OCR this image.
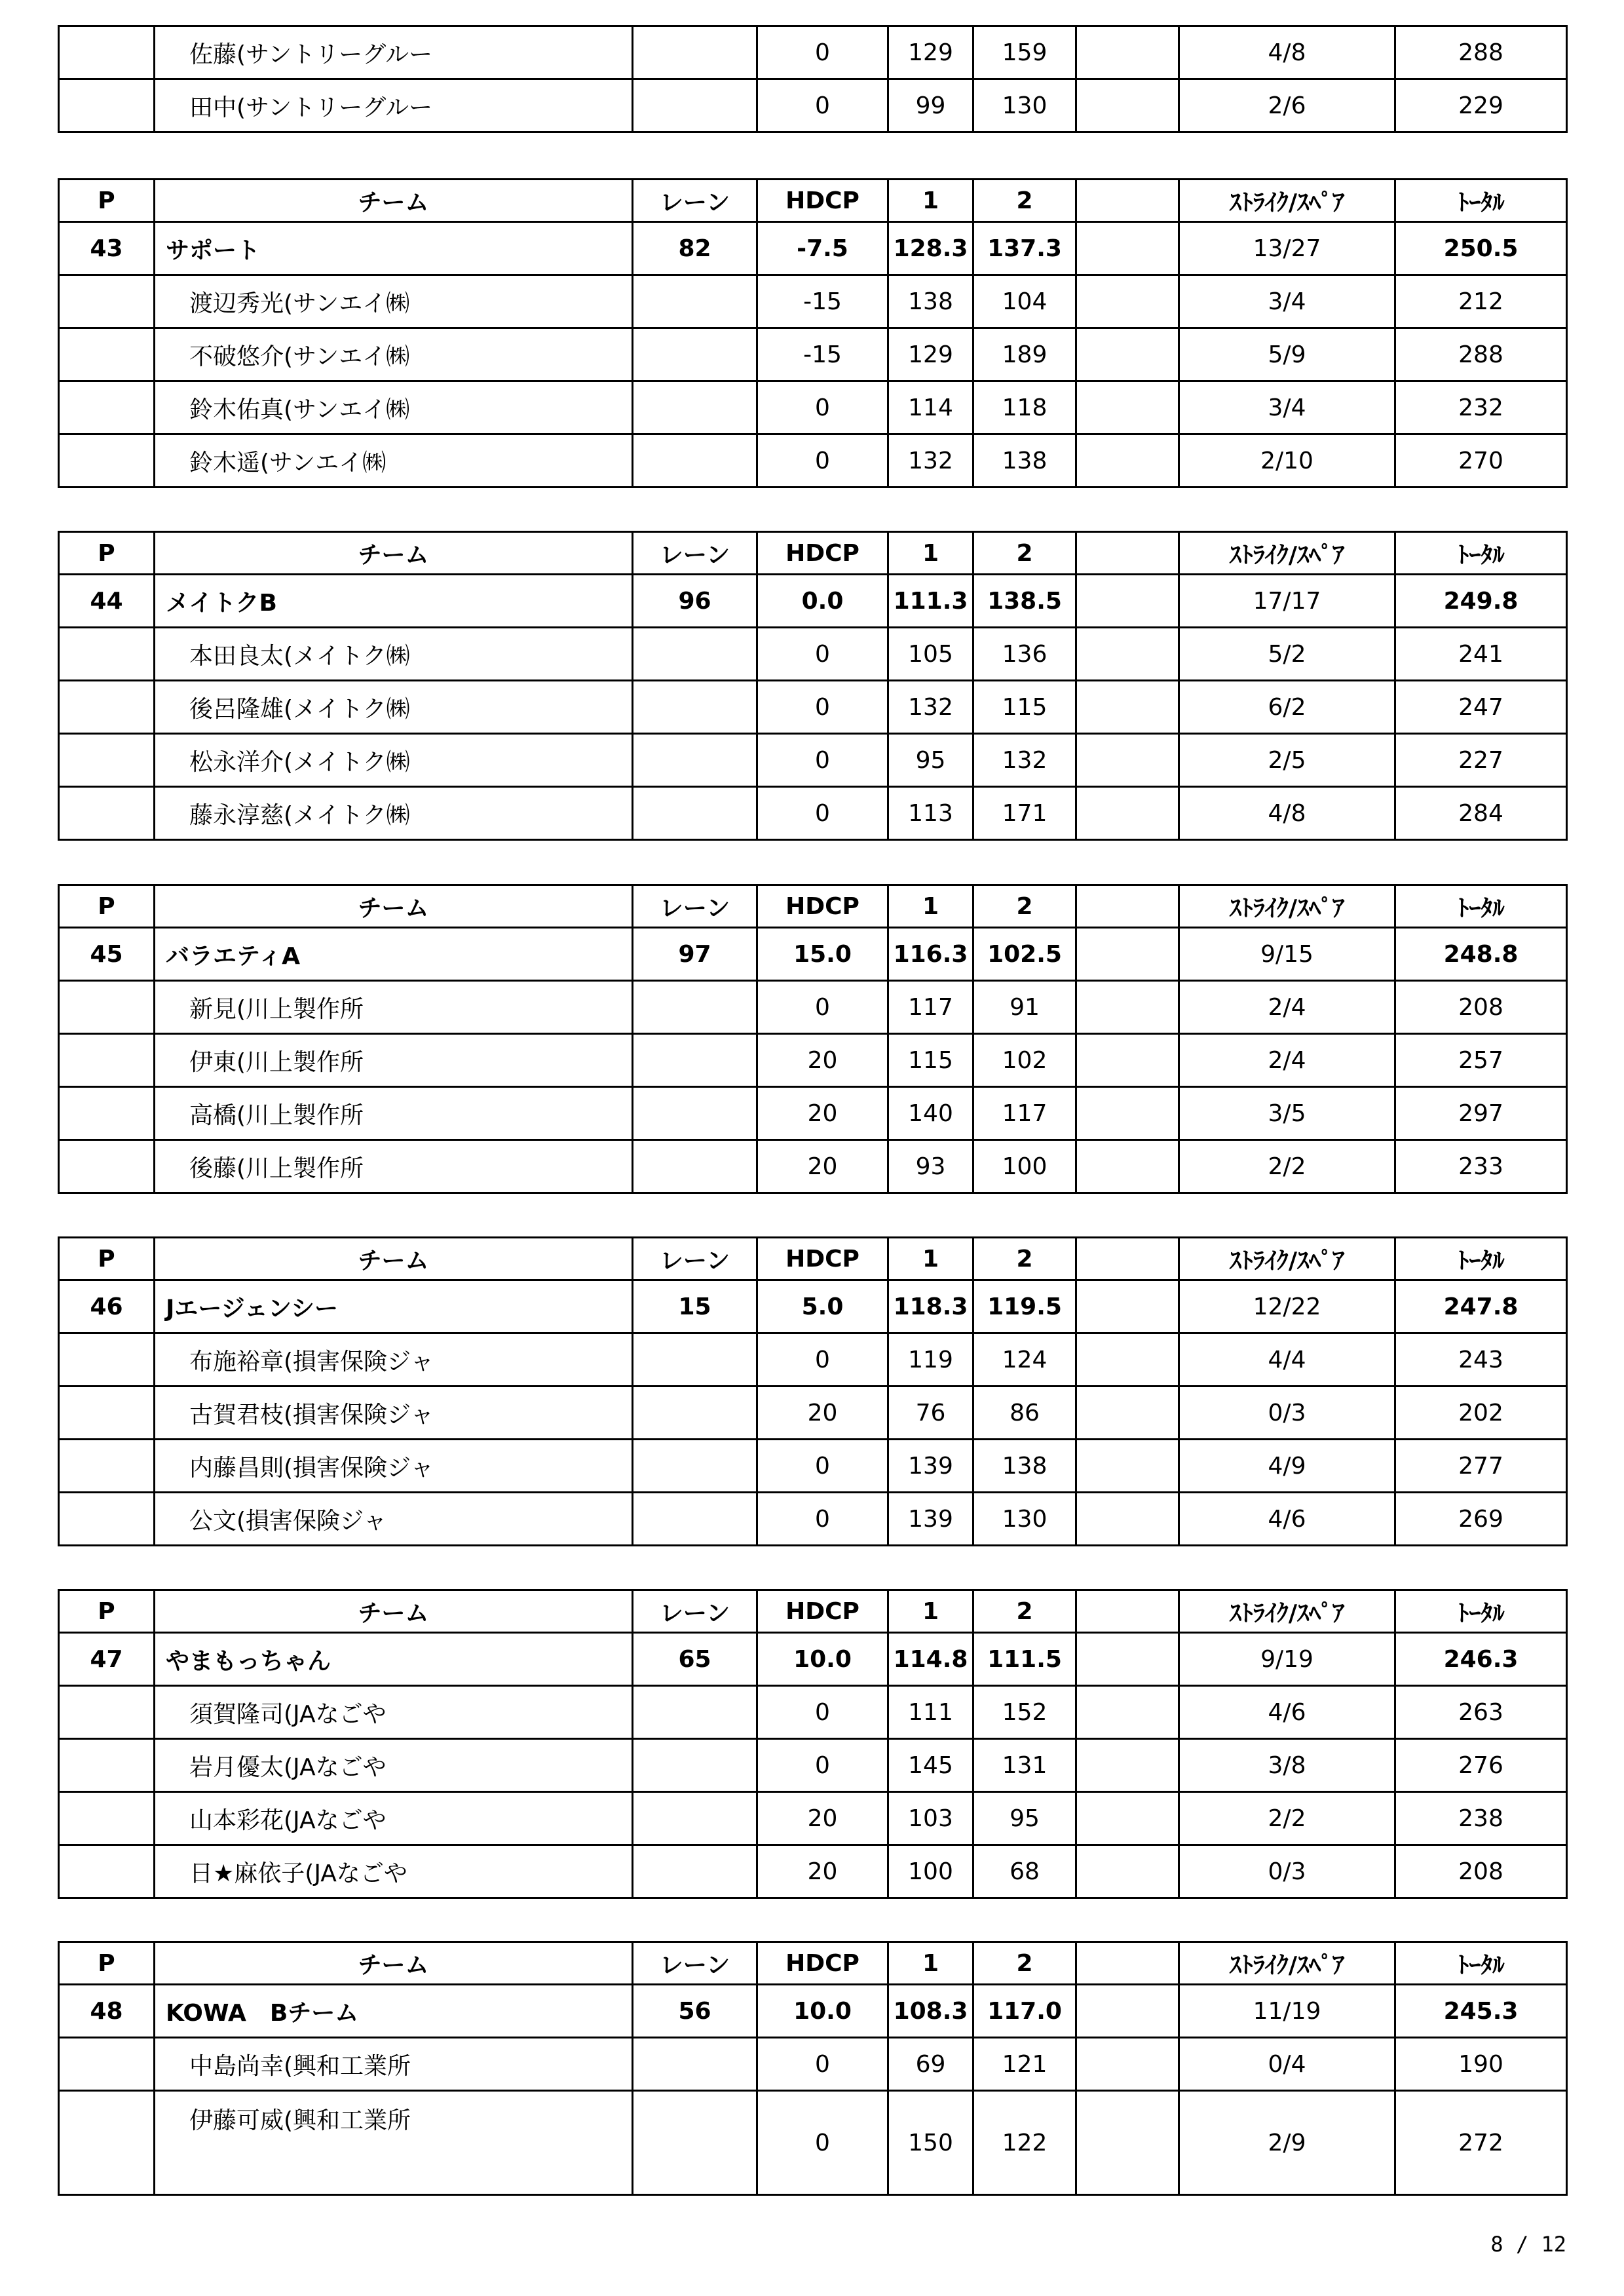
	佐藤(サントリーグルー		0	129	159		4/8	288
	田中(サントリーグルー		0	99	130		2/6	229
P	チーム	レーン	HDCP	1	2		ｽﾄﾗｲｸ/ｽﾍﾟｱ	ﾄｰﾀﾙ
43	サポート	82	-7.5	128.3	137.3		13/27	250.5
	渡辺秀光(サンエイ㈱		-15	138	104		3/4	212
	不破悠介(サンエイ㈱		-15	129	189		5/9	288
	鈴木佑真(サンエイ㈱		0	114	118		3/4	232
	鈴木遥(サンエイ㈱		0	132	138		2/10	270
P	チーム	レーン	HDCP	1	2		ｽﾄﾗｲｸ/ｽﾍﾟｱ	ﾄｰﾀﾙ
44	メイトクB	96	0.0	111.3	138.5		17/17	249.8
	本田良太(メイトク㈱		0	105	136		5/2	241
	後呂隆雄(メイトク㈱		0	132	115		6/2	247
	松永洋介(メイトク㈱		0	95	132		2/5	227
	藤永淳慈(メイトク㈱		0	113	171		4/8	284
P	チーム	レーン	HDCP	1	2		ｽﾄﾗｲｸ/ｽﾍﾟｱ	ﾄｰﾀﾙ
45	バラエティA	97	15.0	116.3	102.5		9/15	248.8
	新見(川上製作所		0	117	91		2/4	208
	伊東(川上製作所		20	115	102		2/4	257
	高橋(川上製作所		20	140	117		3/5	297
	後藤(川上製作所		20	93	100		2/2	233
P	チーム	レーン	HDCP	1	2		ｽﾄﾗｲｸ/ｽﾍﾟｱ	ﾄｰﾀﾙ
46	Jエージェンシー	15	5.0	118.3	119.5		12/22	247.8
	布施裕章(損害保険ジャ		0	119	124		4/4	243
	古賀君枝(損害保険ジャ		20	76	86		0/3	202
	内藤昌則(損害保険ジャ		0	139	138		4/9	277
	公文(損害保険ジャ		0	139	130		4/6	269
P	チーム	レーン	HDCP	1	2		ｽﾄﾗｲｸ/ｽﾍﾟｱ	ﾄｰﾀﾙ
47	やまもっちゃん	65	10.0	114.8	111.5		9/19	246.3
	須賀隆司(JAなごや		0	111	152		4/6	263
	岩月優太(JAなごや		0	145	131		3/8	276
	山本彩花(JAなごや		20	103	95		2/2	238
	日★麻依子(JAなごや		20	100	68		0/3	208
P	チーム	レーン	HDCP	1	2		ｽﾄﾗｲｸ/ｽﾍﾟｱ	ﾄｰﾀﾙ
48	KOWA　Bチーム	56	10.0	108.3	117.0		11/19	245.3
	中島尚幸(興和工業所		0	69	121		0/4	190
	伊藤可威(興和工業所		0	150	122		2/9	272
8 / 12
